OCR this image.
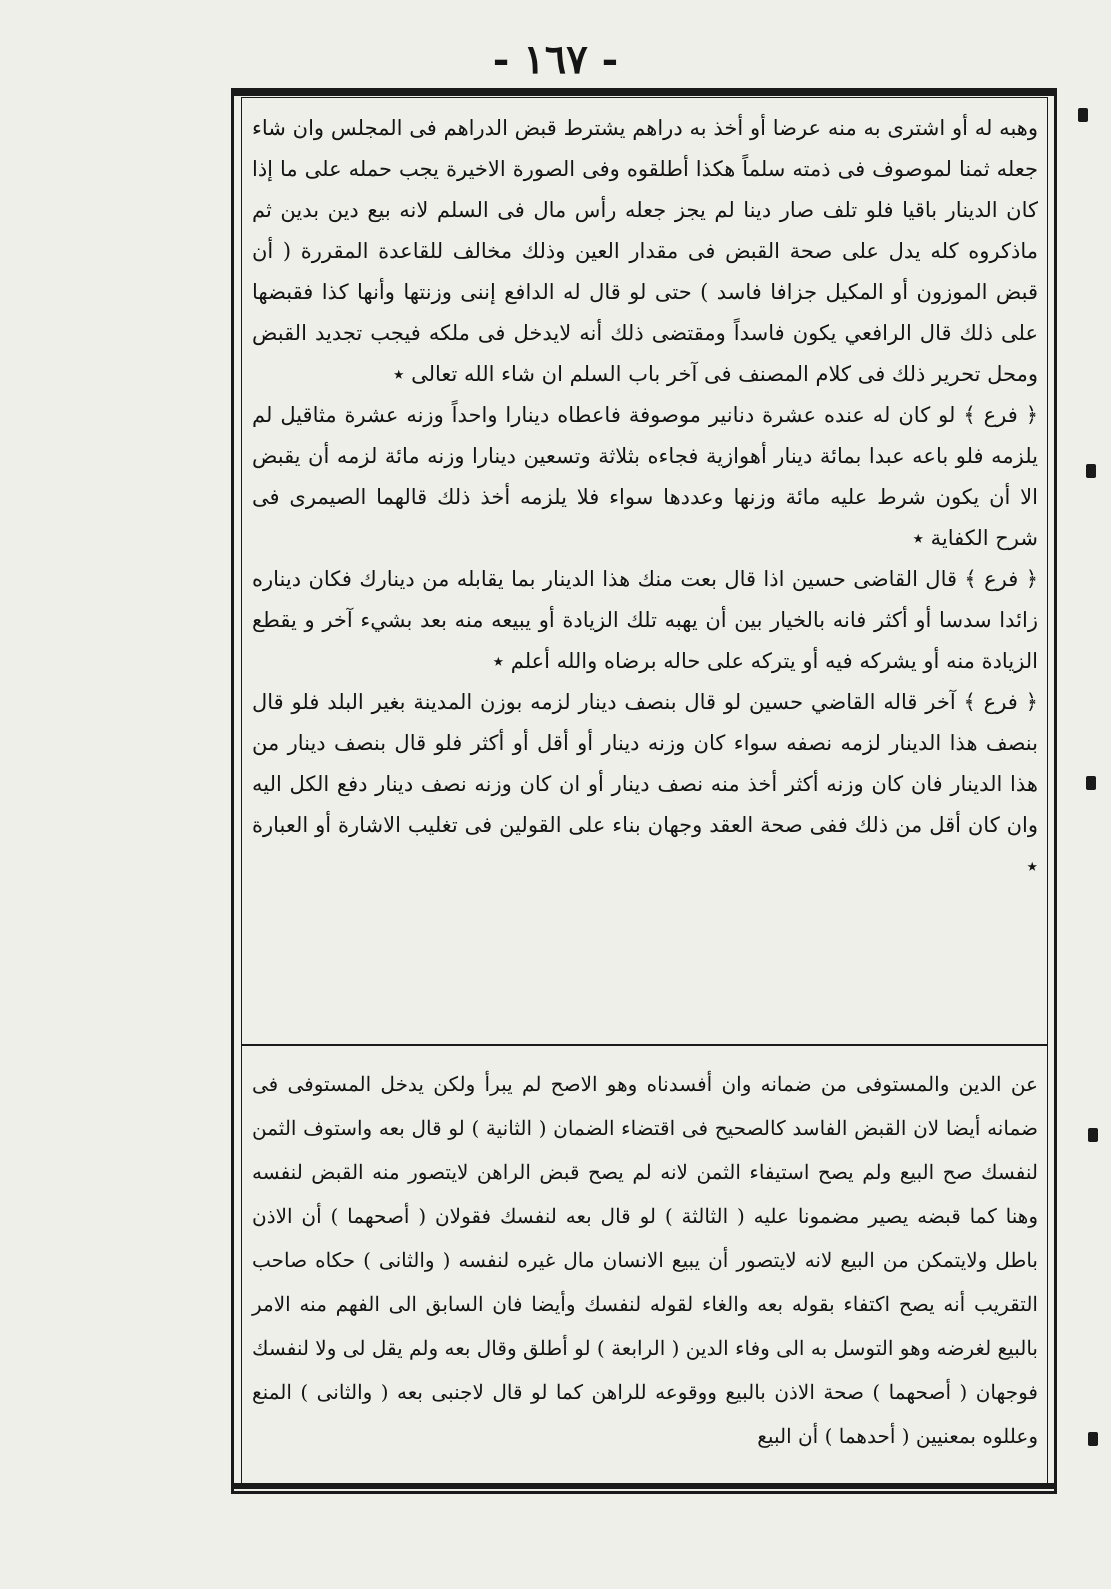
- ١٦٧ -

وهبه له أو اشترى به منه عرضا أو أخذ به دراهم يشترط قبض الدراهم فى المجلس وان شاء جعله ثمنا لموصوف فى ذمته سلماً هكذا أطلقوه وفى الصورة الاخيرة يجب حمله على ما إذا كان الدينار باقيا فلو تلف صار دينا لم يجز جعله رأس مال فى السلم لانه بيع دين بدين ثم ماذكروه كله يدل على صحة القبض فى مقدار العين وذلك مخالف للقاعدة المقررة ( أن قبض الموزون أو المكيل جزافا فاسد ) حتى لو قال له الدافع إننى وزنتها وأنها كذا فقبضها على ذلك قال الرافعي يكون فاسداً ومقتضى ذلك أنه لايدخل فى ملكه فيجب تجديد القبض ومحل تحرير ذلك فى كلام المصنف فى آخر باب السلم ان شاء الله تعالى ٭

﴿ فرع ﴾ لو كان له عنده عشرة دنانير موصوفة فاعطاه دينارا واحداً وزنه عشرة مثاقيل لم يلزمه فلو باعه عبدا بمائة دينار أهوازية فجاءه بثلاثة وتسعين دينارا وزنه مائة لزمه أن يقبض الا أن يكون شرط عليه مائة وزنها وعددها سواء فلا يلزمه أخذ ذلك قالهما الصيمرى فى شرح الكفاية ٭

﴿ فرع ﴾ قال القاضى حسين اذا قال بعت منك هذا الدينار بما يقابله من دينارك فكان ديناره زائدا سدسا أو أكثر فانه بالخيار بين أن يهبه تلك الزيادة أو يبيعه منه بعد بشيء آخر و يقطع الزيادة منه أو يشركه فيه أو يتركه على حاله برضاه والله أعلم ٭

﴿ فرع ﴾ آخر قاله القاضي حسين لو قال بنصف دينار لزمه بوزن المدينة بغير البلد فلو قال بنصف هذا الدينار لزمه نصفه سواء كان وزنه دينار أو أقل أو أكثر فلو قال بنصف دينار من هذا الدينار فان كان وزنه أكثر أخذ منه نصف دينار أو ان كان وزنه نصف دينار دفع الكل اليه وان كان أقل من ذلك ففى صحة العقد وجهان بناء على القولين فى تغليب الاشارة أو العبارة ٭

عن الدين والمستوفى من ضمانه وان أفسدناه وهو الاصح لم يبرأ ولكن يدخل المستوفى فى ضمانه أيضا لان القبض الفاسد كالصحيح فى اقتضاء الضمان ( الثانية ) لو قال بعه واستوف الثمن لنفسك صح البيع ولم يصح استيفاء الثمن لانه لم يصح قبض الراهن لايتصور منه القبض لنفسه وهنا كما قبضه يصير مضمونا عليه ( الثالثة ) لو قال بعه لنفسك فقولان ( أصحهما ) أن الاذن باطل ولايتمكن من البيع لانه لايتصور أن يبيع الانسان مال غيره لنفسه ( والثانى ) حكاه صاحب التقريب أنه يصح اكتفاء بقوله بعه والغاء لقوله لنفسك وأيضا فان السابق الى الفهم منه الامر بالبيع لغرضه وهو التوسل به الى وفاء الدين ( الرابعة ) لو أطلق وقال بعه ولم يقل لى ولا لنفسك فوجهان ( أصحهما ) صحة الاذن بالبيع ووقوعه للراهن كما لو قال لاجنبى بعه ( والثانى ) المنع وعللوه بمعنيين ( أحدهما ) أن البيع
